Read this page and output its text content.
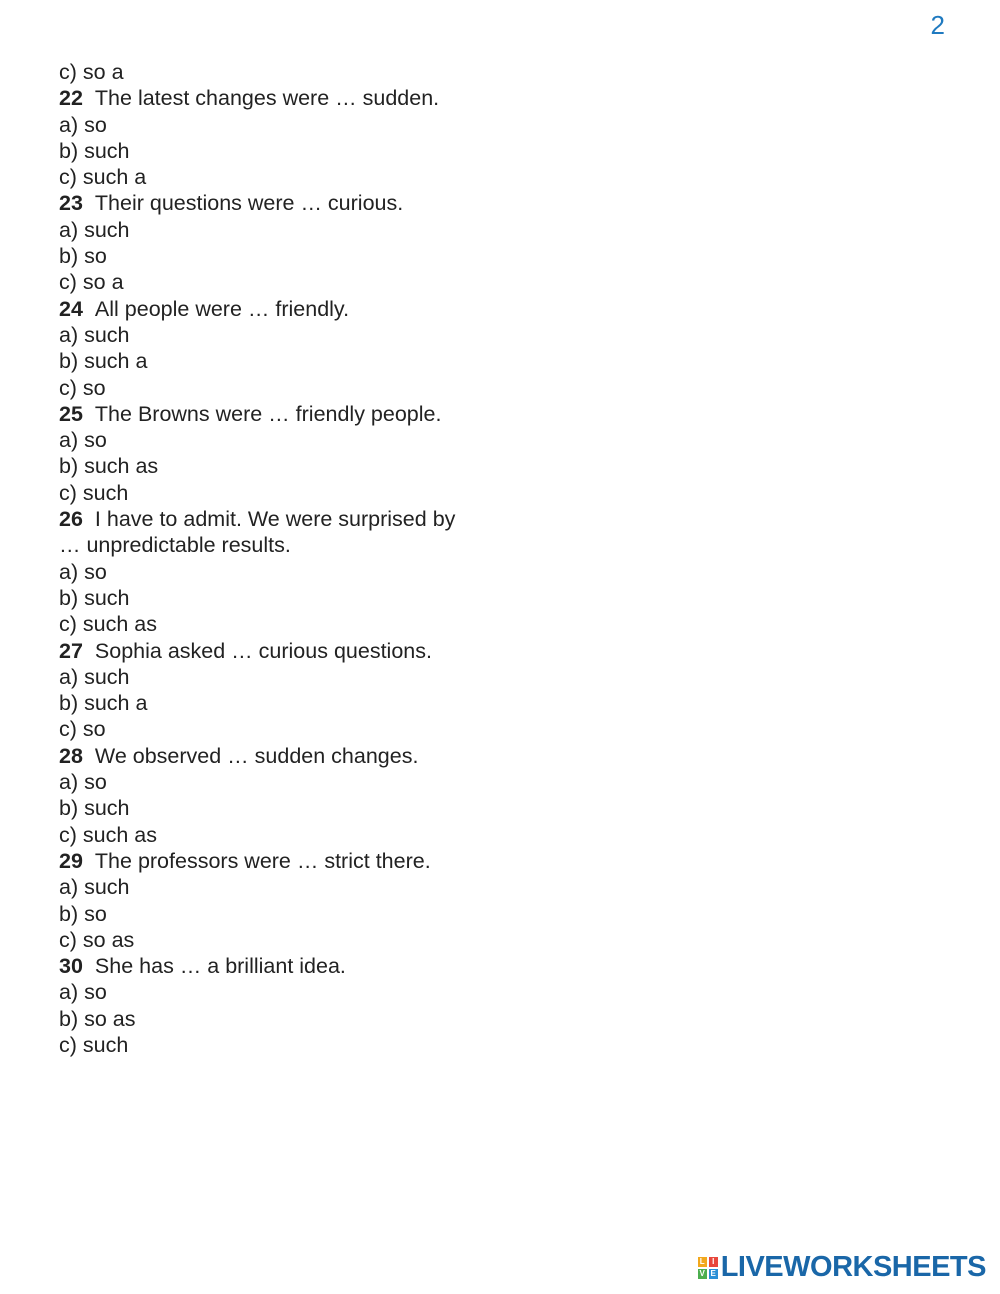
2
c) so a
22 The latest changes were … sudden.
a) so
b) such
c) such a
23 Their questions were … curious.
a) such
b) so
c) so a
24 All people were … friendly.
a) such
b) such a
c) so
25 The Browns were … friendly people.
a) so
b) such as
c) such
26 I have to admit. We were surprised by … unpredictable results.
a) so
b) such
c) such as
27 Sophia asked … curious questions.
a) such
b) such a
c) so
28 We observed … sudden changes.
a) so
b) such
c) such as
29 The professors were … strict there.
a) such
b) so
c) so as
30 She has … a brilliant idea.
a) so
b) so as
c) such
L I
V E LIVEWORKSHEETS
